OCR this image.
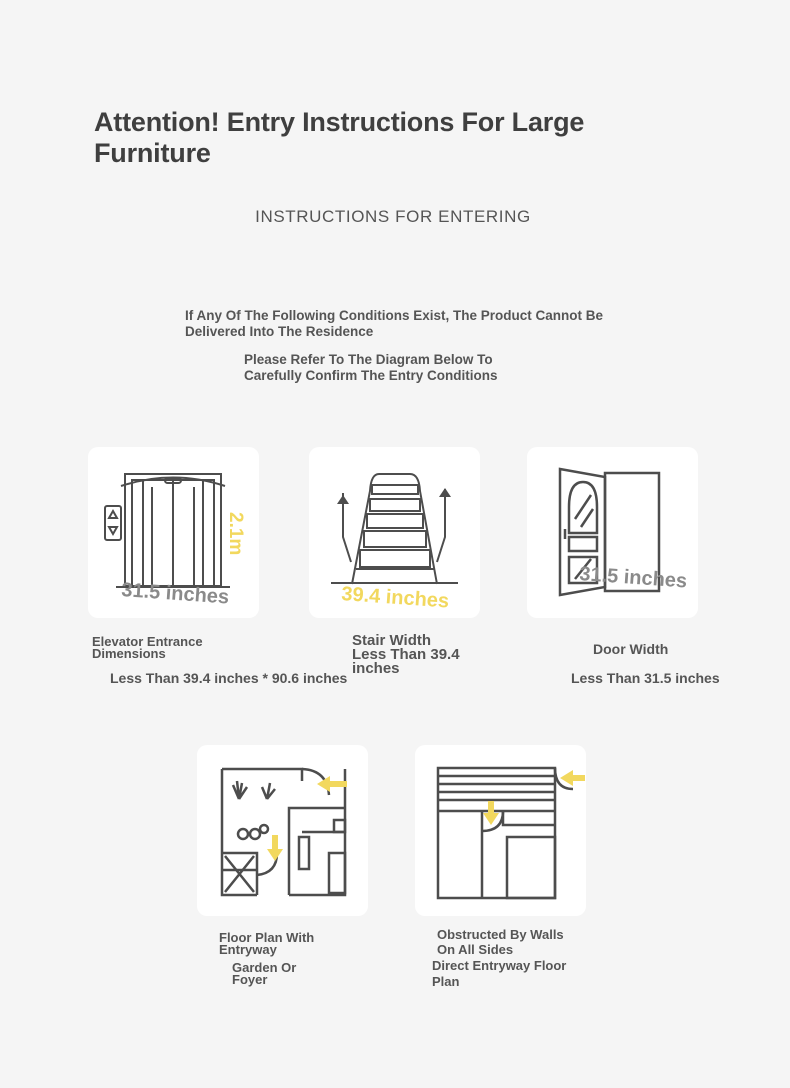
Attention! Entry Instructions For Large Furniture
INSTRUCTIONS FOR ENTERING
If Any Of The Following Conditions Exist, The Product Cannot Be Delivered Into The Residence
Please Refer To The Diagram Below To Carefully Confirm The Entry Conditions
2.1m
31.5 inches	39.4 inches
31.5 inches
Elevator Entrance Dimensions
Less Than 39.4 inches * 90.6 inches
Stair Width Less Than 39.4 inches
Door Width
Less Than 31.5 inches
Floor Plan With Entryway
Garden Or Foyer
Obstructed By Walls On All Sides
Direct Entryway Floor Plan
